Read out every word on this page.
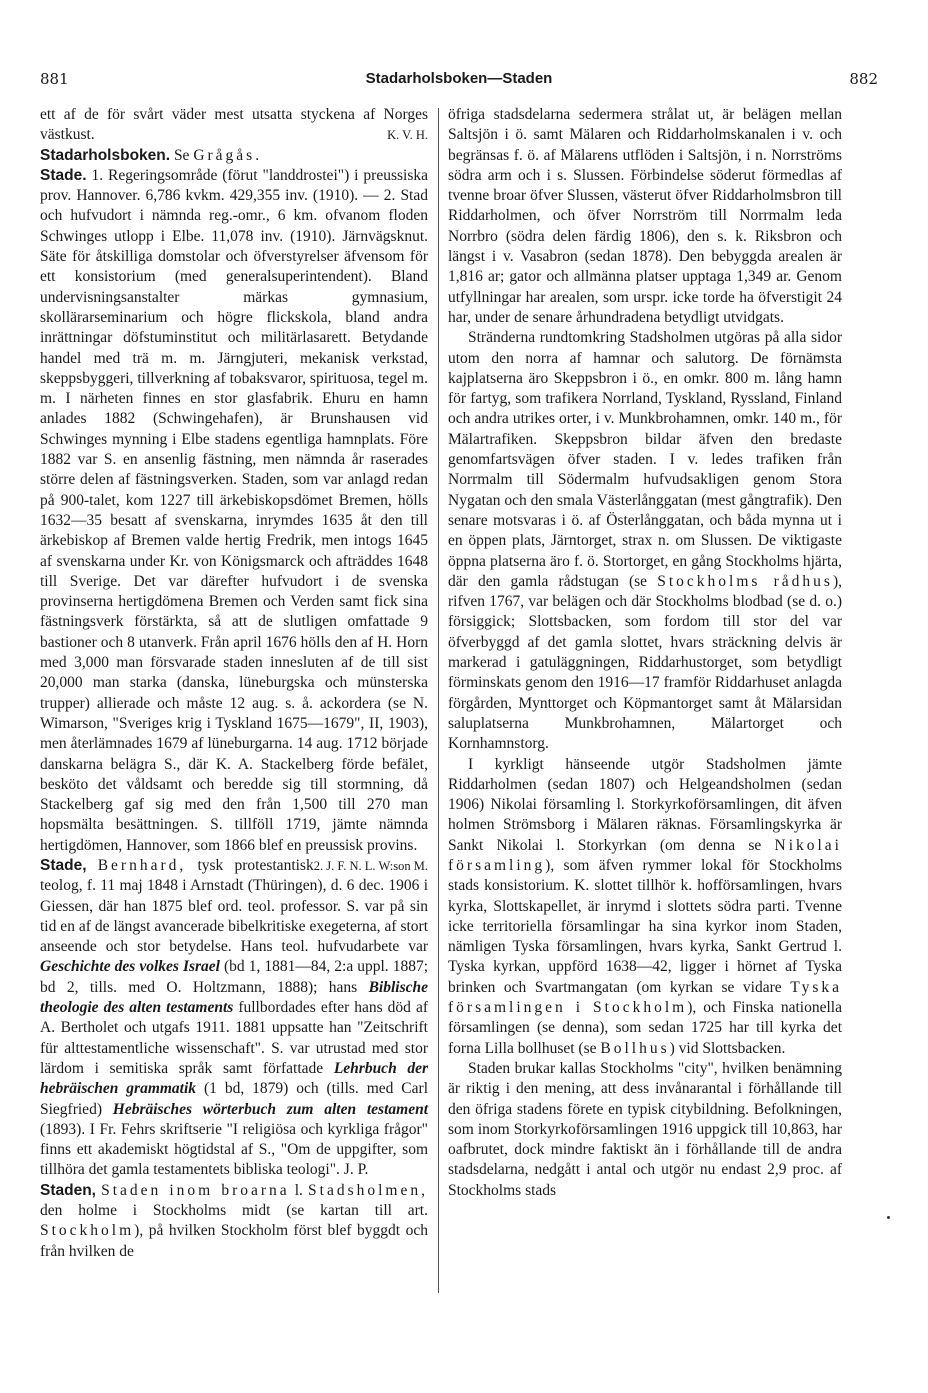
881	Stadarholsboken—Staden	882

ett af de för svårt väder mest utsatta styckena af Norges västkust.	K. V. H.

Stadarholsboken. Se Grågås.

Stade. 1. Regeringsområde (förut "landdrostei") i preussiska prov. Hannover. 6,786 kvkm. 429,355 inv. (1910). — 2. Stad och hufvudort i nämnda reg.-omr., 6 km. ofvanom floden Schwinges utlopp i Elbe. 11,078 inv. (1910). Järnvägsknut. Säte för åtskilliga domstolar och öfverstyrelser äfvensom för ett konsistorium (med generalsuperintendent). Bland undervisningsanstalter märkas gymnasium, skollärarseminarium och högre flickskola, bland andra inrättningar döfstuminstitut och militärlasarett. Betydande handel med trä m. m. Järngjuteri, mekanisk verkstad, skeppsbyggeri, tillverkning af tobaksvaror, spirituosa, tegel m. m. I närheten finnes en stor glasfabrik. Ehuru en hamn anlades 1882 (Schwingehafen), är Brunshausen vid Schwinges mynning i Elbe stadens egentliga hamnplats. Före 1882 var S. en ansenlig fästning, men nämnda år raserades större delen af fästningsverken. Staden, som var anlagd redan på 900-talet, kom 1227 till ärkebiskopsdömet Bremen, hölls 1632—35 besatt af svenskarna, inrymdes 1635 åt den till ärkebiskop af Bremen valde hertig Fredrik, men intogs 1645 af svenskarna under Kr. von Königsmarck och afträddes 1648 till Sverige. Det var därefter hufvudort i de svenska provinserna hertigdömena Bremen och Verden samt fick sina fästningsverk förstärkta, så att de slutligen omfattade 9 bastioner och 8 utanverk. Från april 1676 hölls den af H. Horn med 3,000 man försvarade staden innesluten af de till sist 20,000 man starka (danska, lüneburgska och münsterska trupper) allierade och måste 12 aug. s. å. ackordera (se N. Wimarson, "Sveriges krig i Tyskland 1675—1679", II, 1903), men återlämnades 1679 af lüneburgarna. 14 aug. 1712 började danskarna belägra S., där K. A. Stackelberg förde befälet, besköto det våldsamt och beredde sig till stormning, då Stackelberg gaf sig med den från 1,500 till 270 man hopsmälta besättningen. S. tillföll 1719, jämte nämnda hertigdömen, Hannover, som 1866 blef en preussisk provins.
2. J. F. N. L. W:son M.

Stade, Bernhard, tysk protestantisk teolog, f. 11 maj 1848 i Arnstadt (Thüringen), d. 6 dec. 1906 i Giessen, där han 1875 blef ord. teol. professor. S. var på sin tid en af de längst avancerade bibelkritiske exegeterna, af stort anseende och stor betydelse. Hans teol. hufvudarbete var Geschichte des volkes Israel (bd 1, 1881—84, 2:a uppl. 1887; bd 2, tills. med O. Holtzmann, 1888); hans Biblische theologie des alten testaments fullbordades efter hans död af A. Bertholet och utgafs 1911. 1881 uppsatte han "Zeitschrift für alttestamentliche wissenschaft". S. var utrustad med stor lärdom i semitiska språk samt författade Lehrbuch der hebräischen grammatik (1 bd, 1879) och (tills. med Carl Siegfried) Hebräisches wörterbuch zum alten testament (1893). I Fr. Fehrs skriftserie "I religiösa och kyrkliga frågor" finns ett akademiskt högtidstal af S., "Om de uppgifter, som tillhöra det gamla testamentets bibliska teologi". J. P.

Staden, Staden inom broarna l. Stadsholmen, den holme i Stockholms midt (se kartan till art. Stockholm), på hvilken Stockholm först blef byggdt och från hvilken de

öfriga stadsdelarna sedermera strålat ut, är belägen mellan Saltsjön i ö. samt Mälaren och Riddarholmskanalen i v. och begränsas f. ö. af Mälarens utflöden i Saltsjön, i n. Norrströms södra arm och i s. Slussen. Förbindelse söderut förmedlas af tvenne broar öfver Slussen, västerut öfver Riddarholmsbron till Riddarholmen, och öfver Norrström till Norrmalm leda Norrbro (södra delen färdig 1806), den s. k. Riksbron och längst i v. Vasabron (sedan 1878). Den bebyggda arealen är 1,816 ar; gator och allmänna platser upptaga 1,349 ar. Genom utfyllningar har arealen, som urspr. icke torde ha öfverstigit 24 har, under de senare århundradena betydligt utvidgats.

Stränderna rundtomkring Stadsholmen utgöras på alla sidor utom den norra af hamnar och salutorg. De förnämsta kajplatserna äro Skeppsbron i ö., en omkr. 800 m. lång hamn för fartyg, som trafikera Norrland, Tyskland, Ryssland, Finland och andra utrikes orter, i v. Munkbrohamnen, omkr. 140 m., för Mälartrafiken. Skeppsbron bildar äfven den bredaste genomfartsvägen öfver staden. I v. ledes trafiken från Norrmalm till Södermalm hufvudsakligen genom Stora Nygatan och den smala Västerlånggatan (mest gångtrafik). Den senare motsvaras i ö. af Österlånggatan, och båda mynna ut i en öppen plats, Järntorget, strax n. om Slussen. De viktigaste öppna platserna äro f. ö. Stortorget, en gång Stockholms hjärta, där den gamla rådstugan (se Stockholms rådhus), rifven 1767, var belägen och där Stockholms blodbad (se d. o.) försiggick; Slottsbacken, som fordom till stor del var öfverbyggd af det gamla slottet, hvars sträckning delvis är markerad i gatuläggningen, Riddarhustorget, som betydligt förminskats genom den 1916—17 framför Riddarhuset anlagda förgården, Mynttorget och Köpmantorget samt åt Mälarsidan saluplatserna Munkbrohamnen, Mälartorget och Kornhamnstorg.

I kyrkligt hänseende utgör Stadsholmen jämte Riddarholmen (sedan 1807) och Helgeandsholmen (sedan 1906) Nikolai församling l. Storkyrkoförsamlingen, dit äfven holmen Strömsborg i Mälaren räknas. Församlingskyrka är Sankt Nikolai l. Storkyrkan (om denna se Nikolai församling), som äfven rymmer lokal för Stockholms stads konsistorium. K. slottet tillhör k. hofförsamlingen, hvars kyrka, Slottskapellet, är inrymd i slottets södra parti. Tvenne icke territoriella församlingar ha sina kyrkor inom Staden, nämligen Tyska församlingen, hvars kyrka, Sankt Gertrud l. Tyska kyrkan, uppförd 1638—42, ligger i hörnet af Tyska brinken och Svartmangatan (om kyrkan se vidare Tyska församlingen i Stockholm), och Finska nationella församlingen (se denna), som sedan 1725 har till kyrka det forna Lilla bollhuset (se Bollhus) vid Slottsbacken.

Staden brukar kallas Stockholms "city", hvilken benämning är riktig i den mening, att dess invånarantal i förhållande till den öfriga stadens förete en typisk citybildning. Befolkningen, som inom Storkyrkoförsamlingen 1916 uppgick till 10,863, har oafbrutet, dock mindre faktiskt än i förhållande till de andra stadsdelarna, nedgått i antal och utgör nu endast 2,9 proc. af Stockholms stads
